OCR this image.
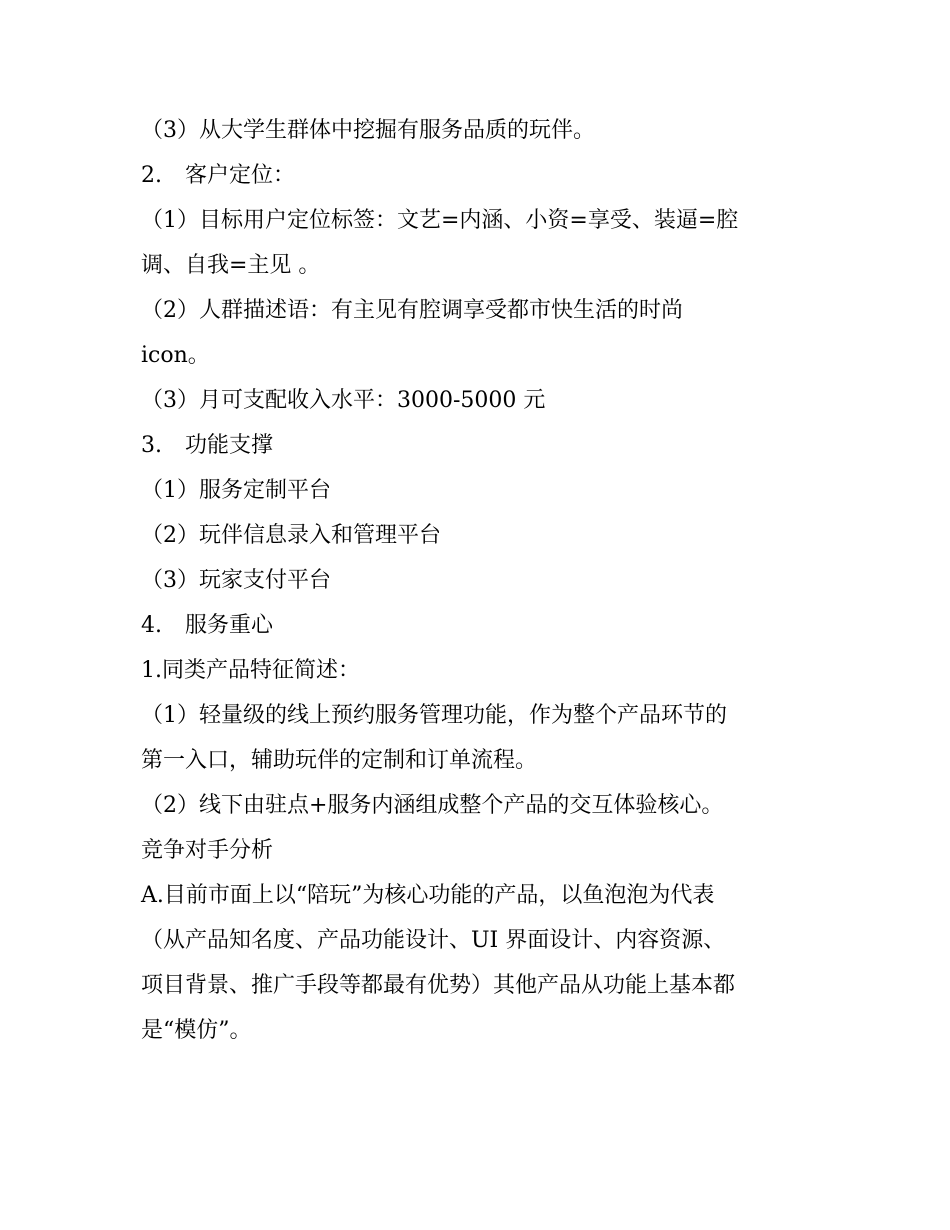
（3）从大学生群体中挖掘有服务品质的玩伴。
2. 客户定位：
（1）目标用户定位标签：文艺=内涵、小资=享受、装逼=腔
调、自我=主见 。
（2）人群描述语：有主见有腔调享受都市快生活的时尚
icon。
（3）月可支配收入水平：3000-5000 元
3. 功能支撑
（1）服务定制平台
（2）玩伴信息录入和管理平台
（3）玩家支付平台
4. 服务重心
1.同类产品特征简述：
（1）轻量级的线上预约服务管理功能，作为整个产品环节的
第一入口，辅助玩伴的定制和订单流程。
（2）线下由驻点+服务内涵组成整个产品的交互体验核心。
竞争对手分析
A.目前市面上以“陪玩”为核心功能的产品，以鱼泡泡为代表
（从产品知名度、产品功能设计、UI 界面设计、内容资源、
项目背景、推广手段等都最有优势）其他产品从功能上基本都
是“模仿”。
